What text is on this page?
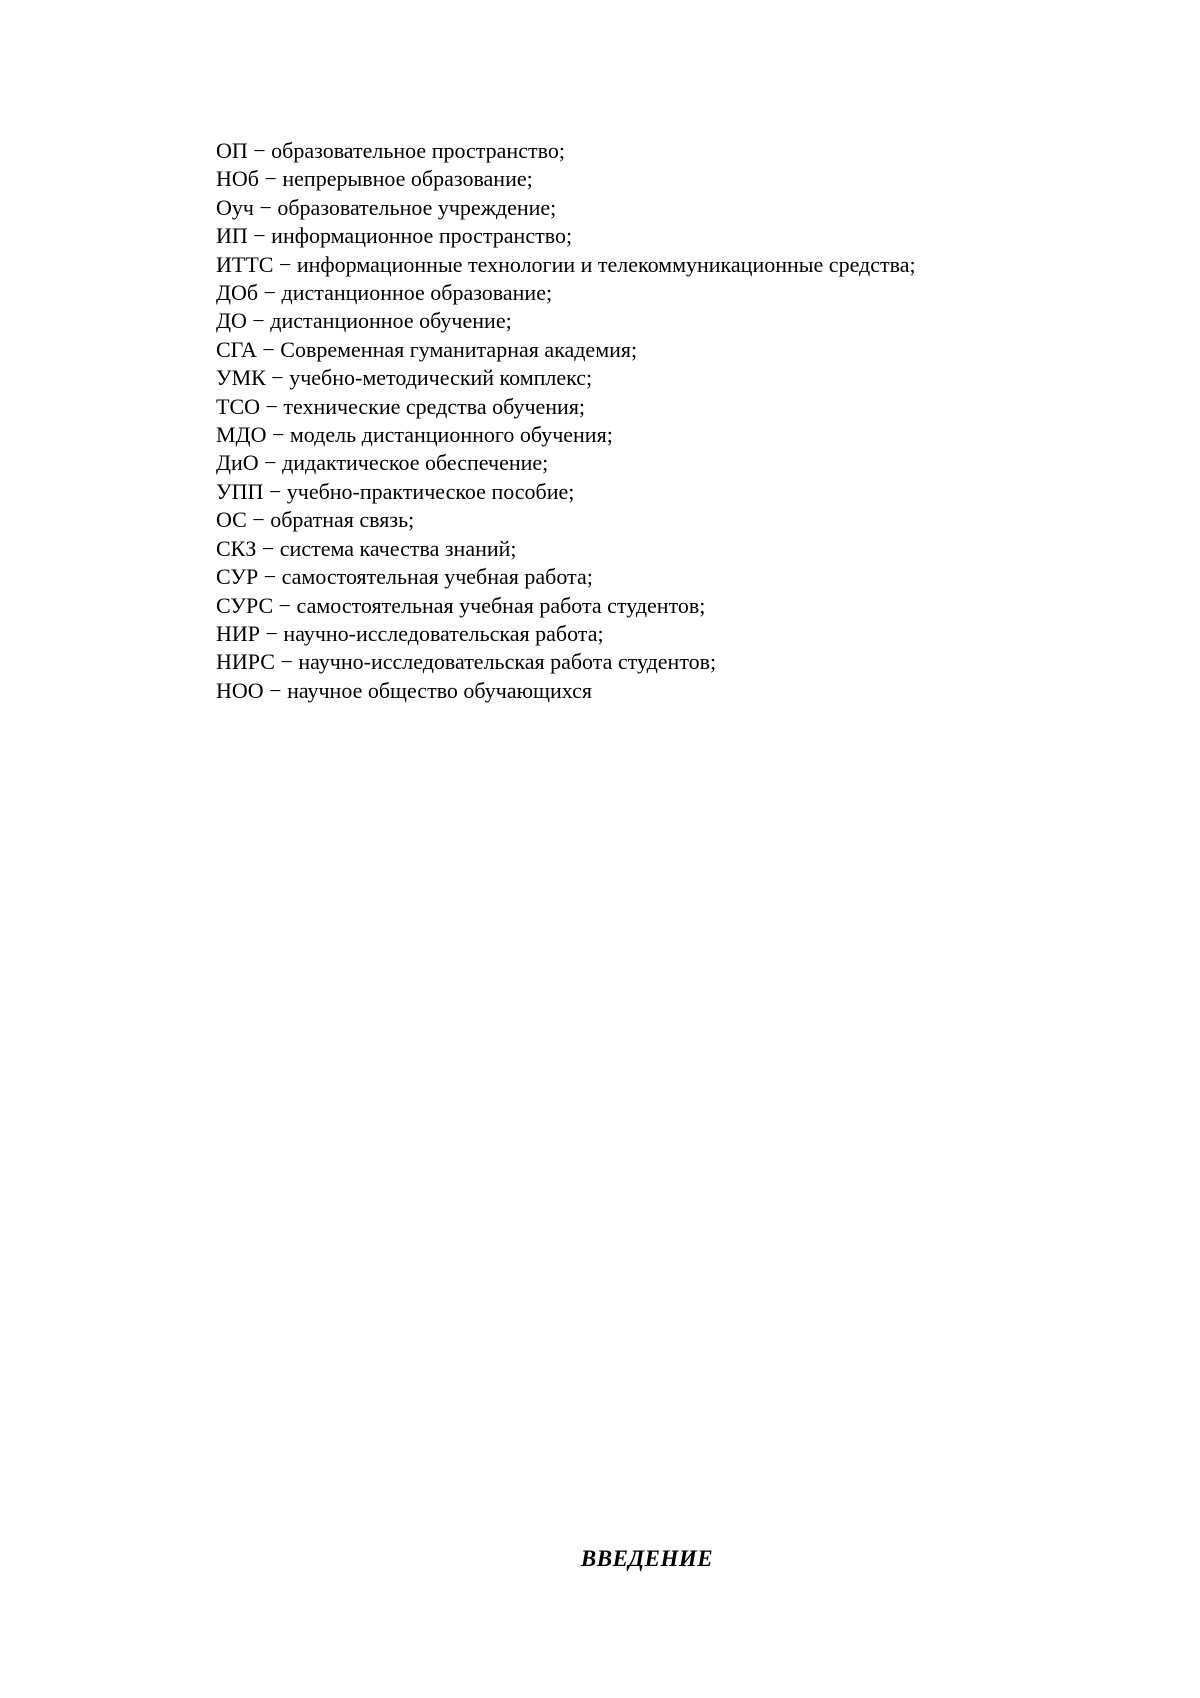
ОП − образовательное пространство;
НОб − непрерывное образование;
Оуч − образовательное учреждение;
ИП − информационное пространство;
ИТТС − информационные технологии и телекоммуникационные средства;
ДОб − дистанционное образование;
ДО − дистанционное обучение;
СГА − Современная гуманитарная академия;
УМК − учебно-методический комплекс;
ТСО − технические средства обучения;
МДО − модель дистанционного обучения;
ДиО − дидактическое обеспечение;
УПП − учебно-практическое пособие;
ОС − обратная связь;
СКЗ − система качества знаний;
СУР − самостоятельная учебная работа;
СУРС − самостоятельная учебная работа студентов;
НИР − научно-исследовательская работа;
НИРС − научно-исследовательская работа студентов;
НОО − научное общество обучающихся
ВВЕДЕНИЕ
